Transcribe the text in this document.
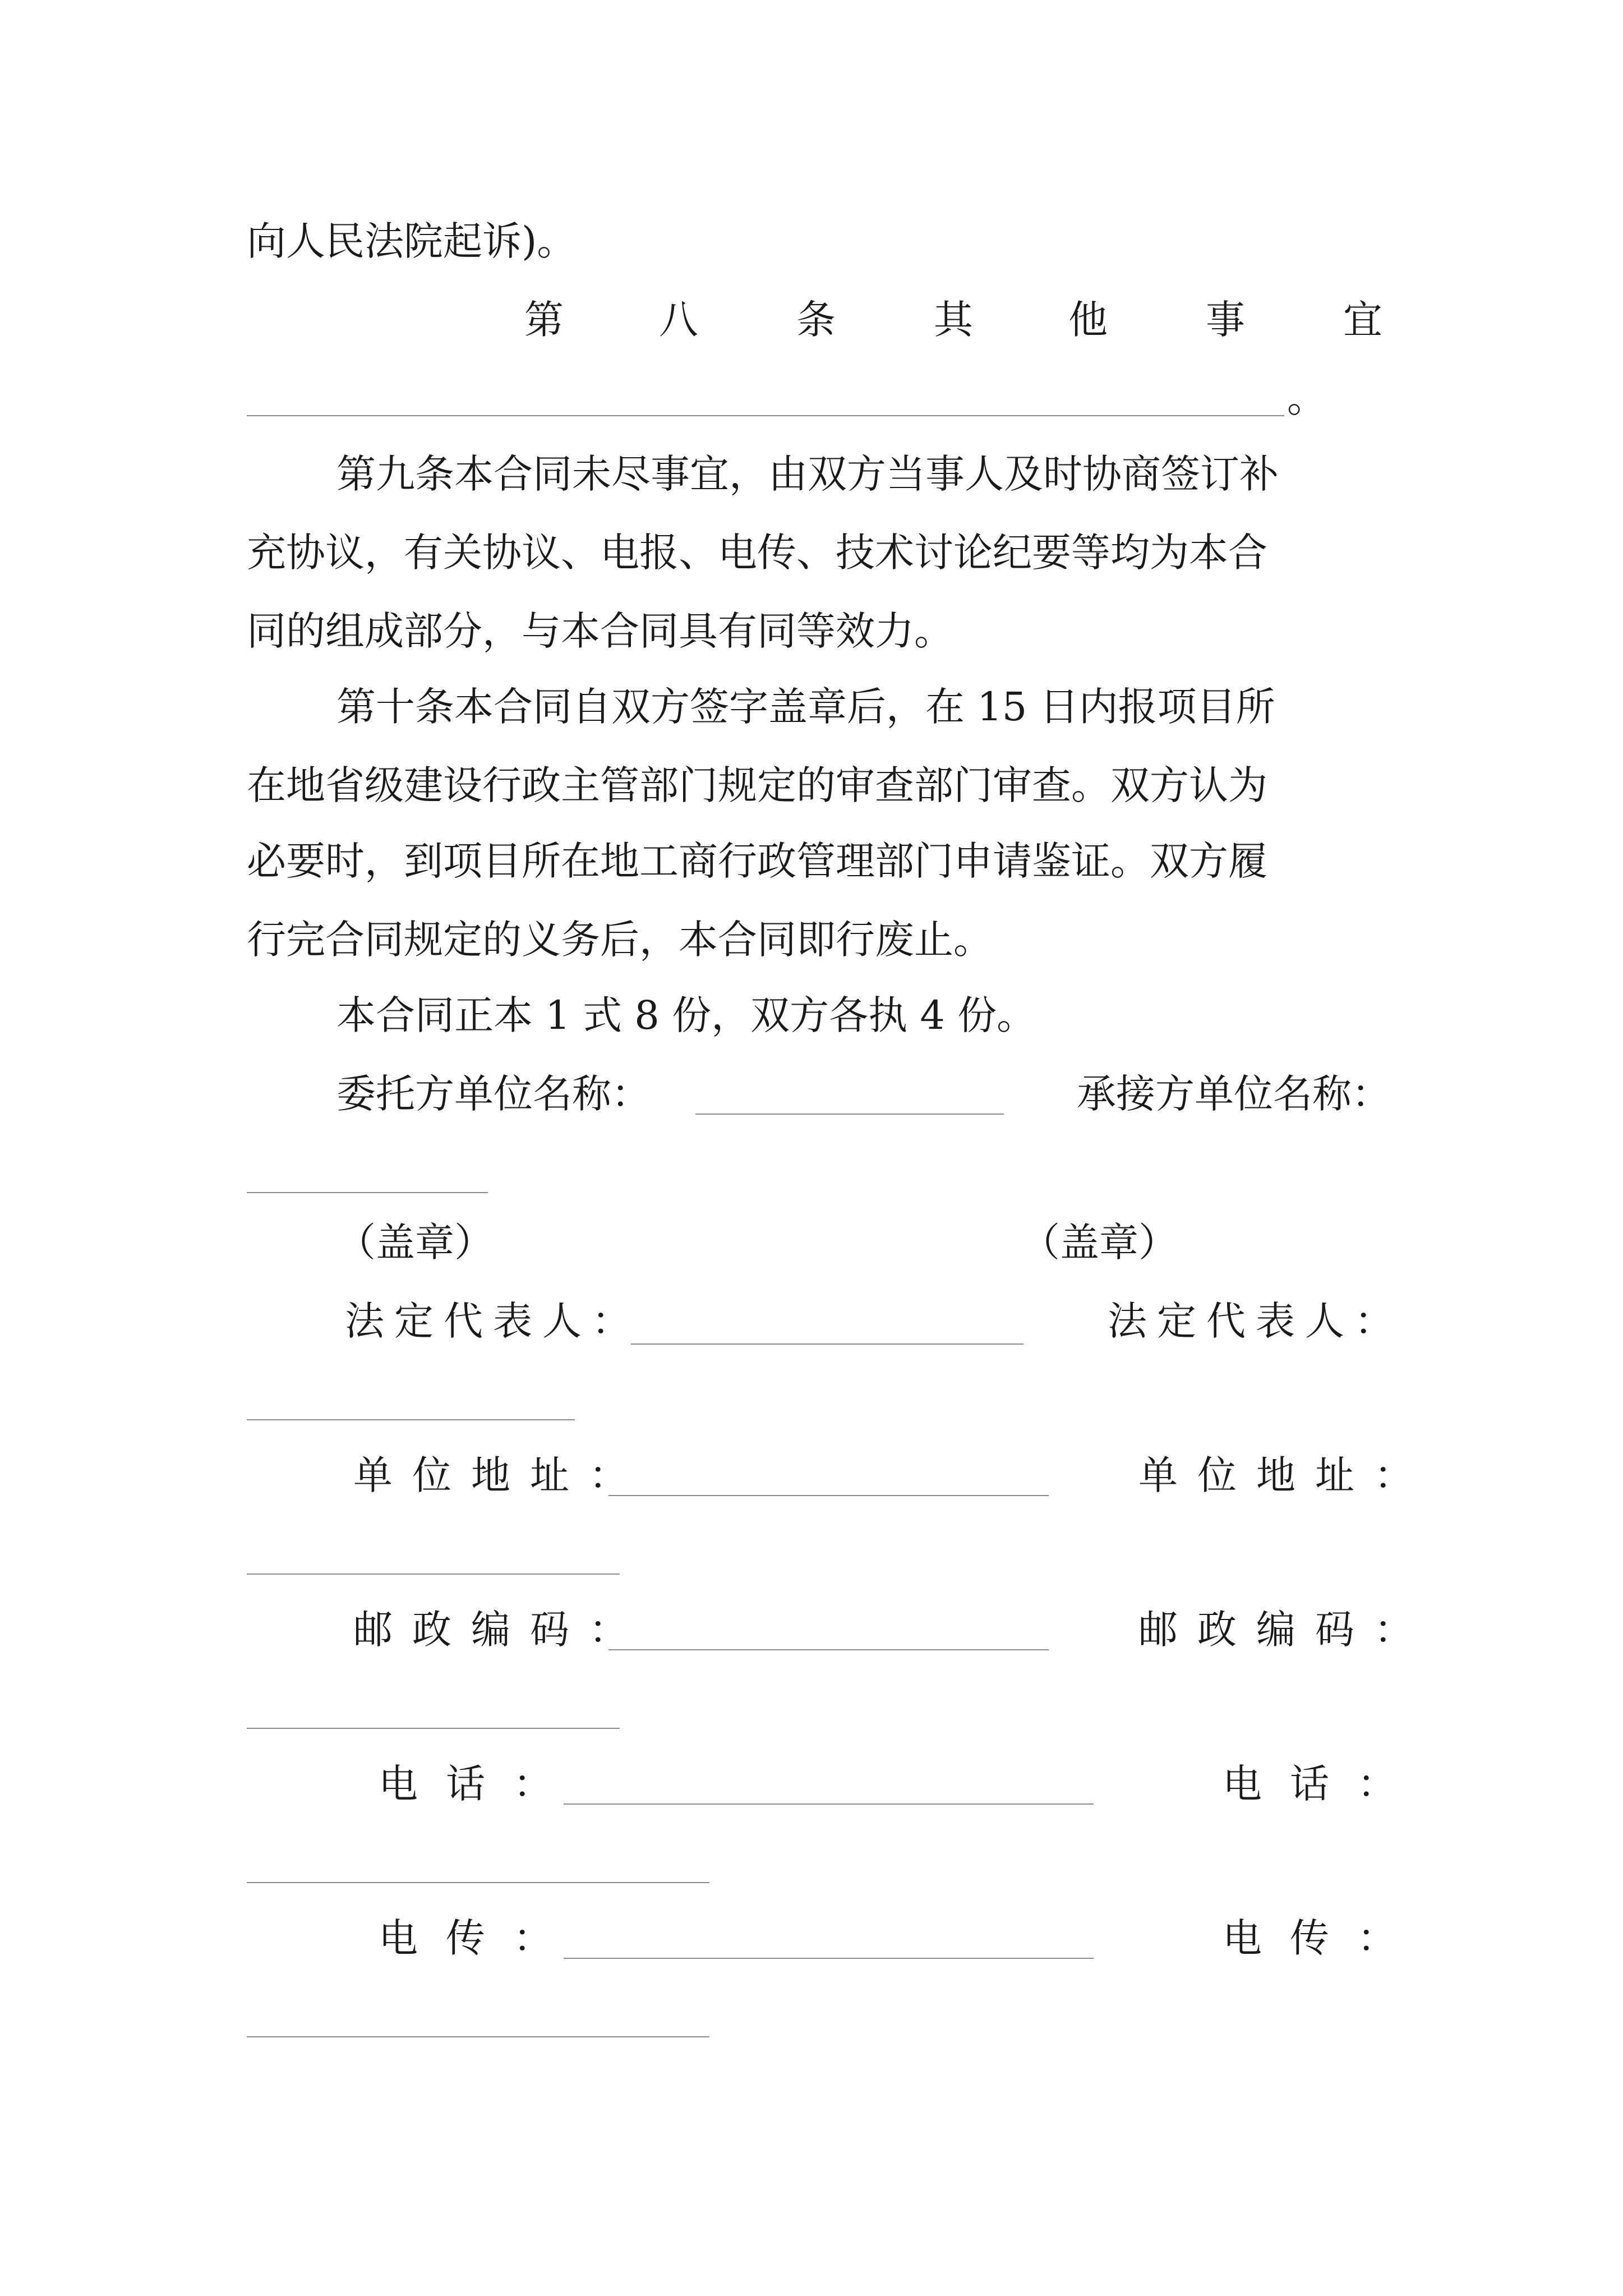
向人民法院起诉)。
第 八	条	其 他	事	宜
。
第九条本合同未尽事宜，由双方当事人及时协商签订补
充协议，有关协议、电报、电传、技术讨论纪要等均为本合
同的组成部分，与本合同具有同等效力。
第十条本合同自双方签字盖章后，在 15 日内报项目所
在地省级建设行政主管部门规定的审查部门审查。双方认为
必要时，到项目所在地工商行政管理部门申请鉴证。双方履
行完合同规定的义务后，本合同即行废止。
本合同正本 1 式 8 份，双方各执 4 份。
委托方单位名称：	承接方单位名称：
（盖章）	（盖章）
法定代表人：	法定代表人：
单位地址：	单位地址：
邮政编码：	邮政编码：
电话：	电话：
电传：	电传：
